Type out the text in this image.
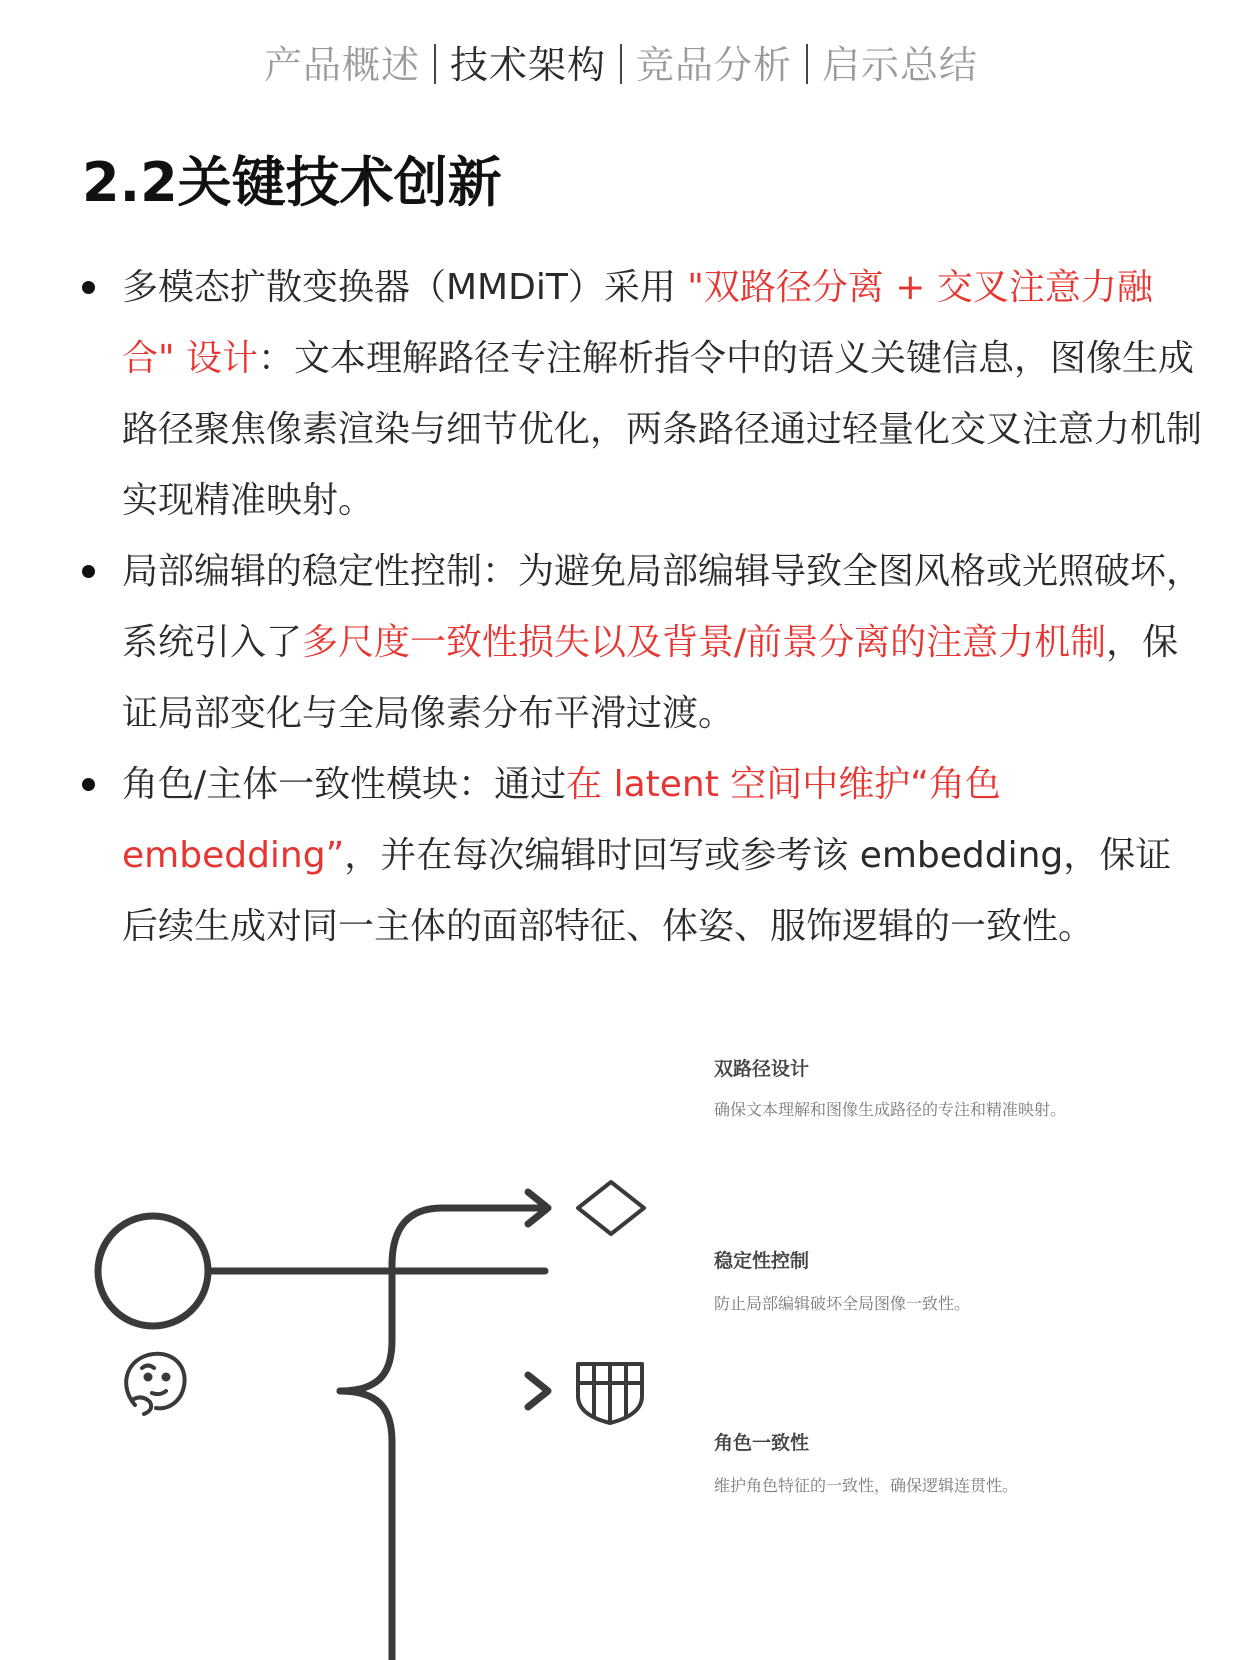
产品概述 技术架构 竞品分析 启示总结
2.2关键技术创新
多模态扩散变换器（MMDiT）采用 "双路径分离 + 交叉注意力融合" 设计：文本理解路径专注解析指令中的语义关键信息，图像生成路径聚焦像素渲染与细节优化，两条路径通过轻量化交叉注意力机制实现精准映射。
局部编辑的稳定性控制：为避免局部编辑导致全图风格或光照破坏，系统引入了多尺度一致性损失以及背景/前景分离的注意力机制，保证局部变化与全局像素分布平滑过渡。
角色/主体一致性模块：通过在 latent 空间中维护“角色embedding”，并在每次编辑时回写或参考该 embedding，保证后续生成对同一主体的面部特征、体姿、服饰逻辑的一致性。
双路径设计
确保文本理解和图像生成路径的专注和精准映射。
稳定性控制
防止局部编辑破坏全局图像一致性。
角色一致性
维护角色特征的一致性，确保逻辑连贯性。
